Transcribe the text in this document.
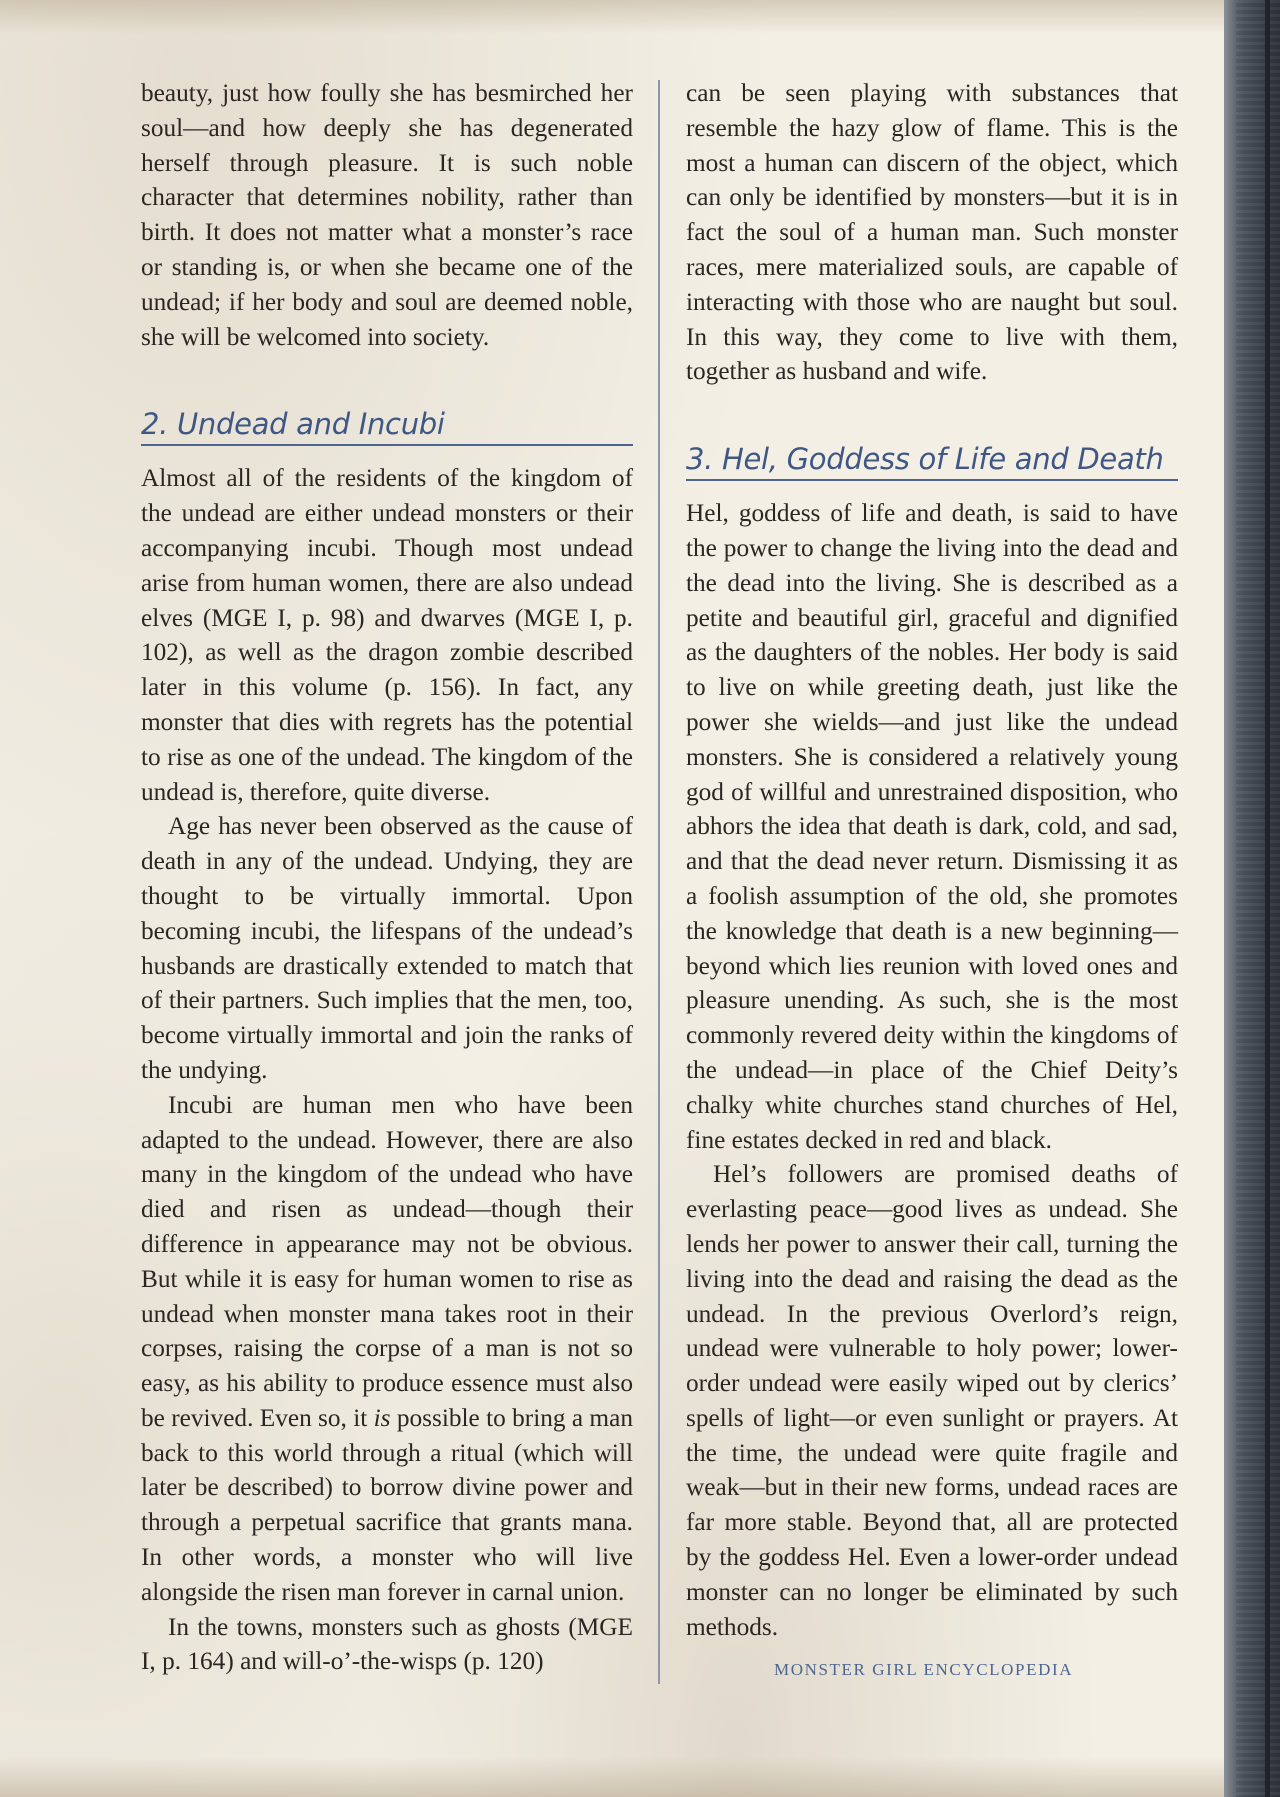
beauty, just how foully she has besmirched her soul—and how deeply she has degenerated herself through pleasure. It is such noble character that determines nobility, rather than birth. It does not matter what a monster’s race or standing is, or when she became one of the undead; if her body and soul are deemed noble, she will be welcomed into society.

2. Undead and Incubi

Almost all of the residents of the kingdom of the undead are either undead monsters or their accompanying incubi. Though most undead arise from human women, there are also undead elves (MGE I, p. 98) and dwarves (MGE I, p. 102), as well as the dragon zombie described later in this volume (p. 156). In fact, any monster that dies with regrets has the potential to rise as one of the undead. The kingdom of the undead is, therefore, quite diverse.

Age has never been observed as the cause of death in any of the undead. Undying, they are thought to be virtually immortal. Upon becoming incubi, the lifespans of the undead’s husbands are drastically extended to match that of their partners. Such implies that the men, too, become virtually immortal and join the ranks of the undying.

Incubi are human men who have been adapted to the undead. However, there are also many in the kingdom of the undead who have died and risen as undead—though their difference in appearance may not be obvious. But while it is easy for human women to rise as undead when monster mana takes root in their corpses, raising the corpse of a man is not so easy, as his ability to produce essence must also be revived. Even so, it is possible to bring a man back to this world through a ritual (which will later be described) to borrow divine power and through a perpetual sacrifice that grants mana. In other words, a monster who will live alongside the risen man forever in carnal union.

In the towns, monsters such as ghosts (MGE I, p. 164) and will-o’-the-wisps (p. 120)

can be seen playing with substances that resemble the hazy glow of flame. This is the most a human can discern of the object, which can only be identified by monsters—but it is in fact the soul of a human man. Such monster races, mere materialized souls, are capable of interacting with those who are naught but soul. In this way, they come to live with them, together as husband and wife.

3. Hel, Goddess of Life and Death

Hel, goddess of life and death, is said to have the power to change the living into the dead and the dead into the living. She is described as a petite and beautiful girl, graceful and dignified as the daughters of the nobles. Her body is said to live on while greeting death, just like the power she wields—and just like the undead monsters. She is considered a relatively young god of willful and unrestrained disposition, who abhors the idea that death is dark, cold, and sad, and that the dead never return. Dismissing it as a foolish assumption of the old, she promotes the knowledge that death is a new beginning—beyond which lies reunion with loved ones and pleasure unending. As such, she is the most commonly revered deity within the kingdoms of the undead—in place of the Chief Deity’s chalky white churches stand churches of Hel, fine estates decked in red and black.

Hel’s followers are promised deaths of everlasting peace—good lives as undead. She lends her power to answer their call, turning the living into the dead and raising the dead as the undead. In the previous Overlord’s reign, undead were vulnerable to holy power; lower-order undead were easily wiped out by clerics’ spells of light—or even sunlight or prayers. At the time, the undead were quite fragile and weak—but in their new forms, undead races are far more stable. Beyond that, all are protected by the goddess Hel. Even a lower-order undead monster can no longer be eliminated by such methods.

MONSTER GIRL ENCYCLOPEDIA
